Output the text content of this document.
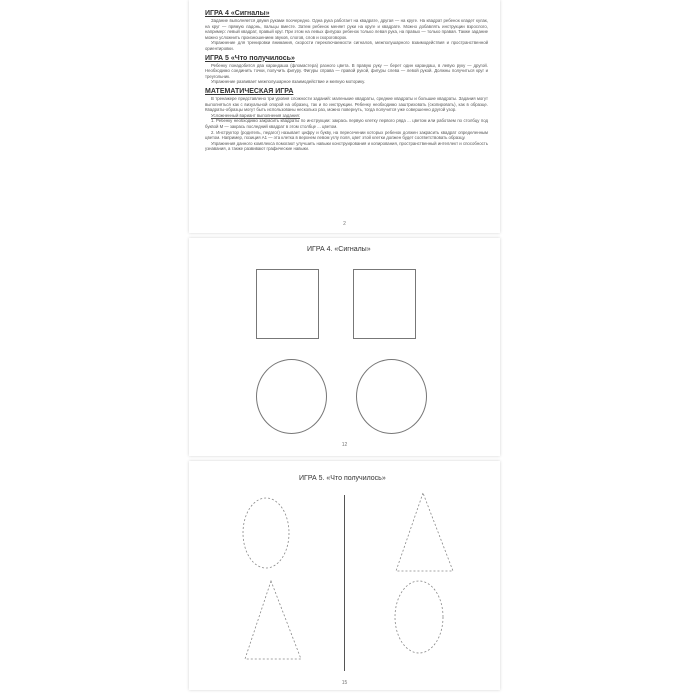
ИГРА 4 «Сигналы»

Задание выполняется двумя руками поочередно. Одна рука работает на квадрате, другая — на круге. На квадрат ребенок кладет кулак, на круг — прямую ладонь, пальцы вместе. Затем ребенок меняет руки на круге и квадрате. Можно добавлять инструкции взрослого, например: левый квадрат, правый круг. При этом на левых фигурах ребенок только левая рука, на правых — только правая. Также задание можно усложнить произношением звуков, слогов, слов и скороговорок.

Упражнение для тренировки внимания, скорости переключаемости сигналов, межполушарного взаимодействия и пространственной ориентировки.

ИГРА 5 «Что получилось»

Ребенку понадобится два карандаша (фломастера) разного цвета. В правую руку — берет один карандаш, в левую руку — другой. Необходимо соединить точки, получить фигуру. Фигуры справа — правой рукой, фигуры слева — левой рукой. Должны получиться круг и треугольник.

Упражнение развивает межполушарное взаимодействие и мелкую моторику.

МАТЕМАТИЧЕСКАЯ ИГРА

В тренажере представлено три уровня сложности заданий: маленькие квадраты, средние квадраты и большие квадраты. Задания могут выполняться как с визуальной опорой на образец, так и по инструкции. Ребенку необходимо заштриховать (скопировать), как в образце. Квадраты-образцы могут быть использованы несколько раз, можно повернуть, тогда получится уже совершенно другой узор.

Усложненный вариант выполнения задания:

1. Ребенку необходимо закрасить квадраты по инструкции: закрась первую клетку первого ряда ... цветом или работаем по столбцу под буквой М — закрась последний квадрат в этом столбце ... цветом.

2. Инструктор (родитель, педагог) называет цифру и букву, на пересечении которых ребенок должен закрасить квадрат определенным цветом. Например, позиция А1 — эта клетка в верхнем левом углу поля, цвет этой клетки должен будет соответствовать образцу.

Упражнения данного комплекса помогают улучшить навыки конструирования и копирования, пространственный интеллект и способность узнавания, а также развивают графические навыки.

2
ИГРА 4. «Сигналы»
12
ИГРА 5. «Что получилось»
15
